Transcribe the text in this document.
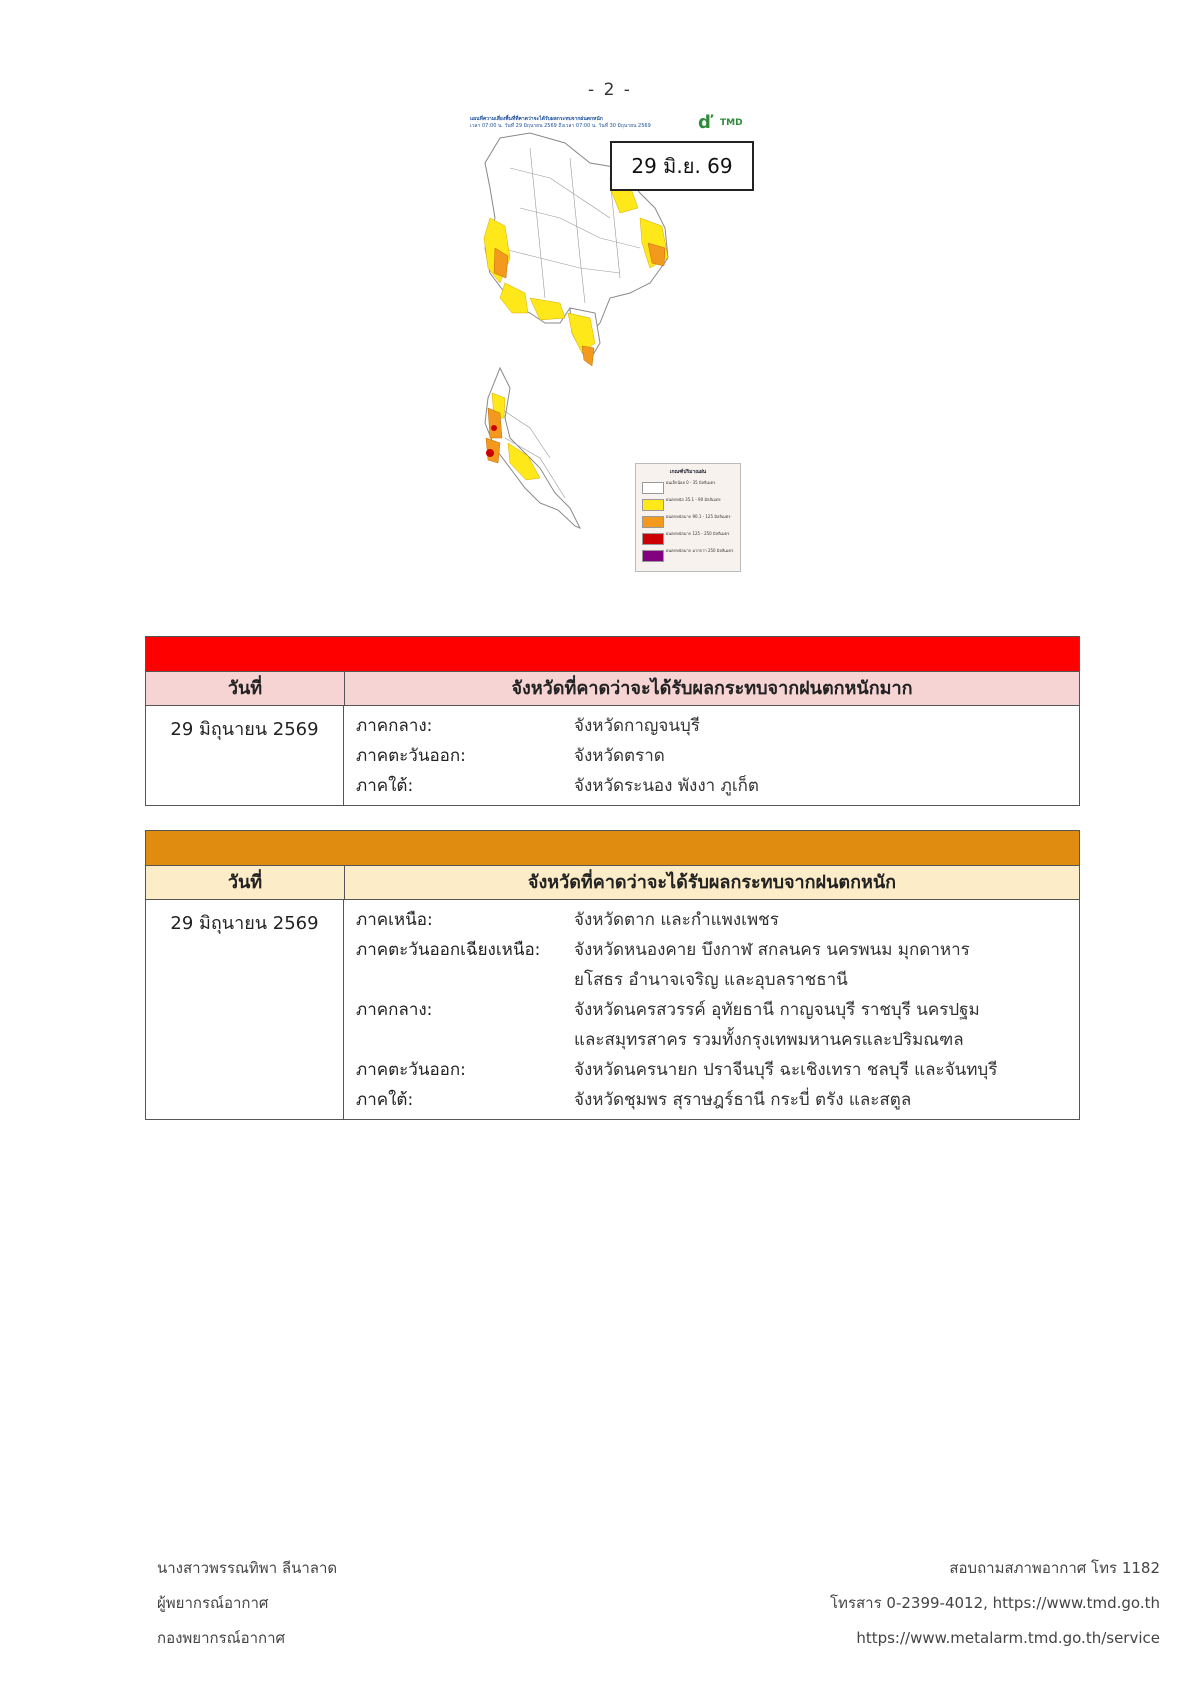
- 2 -
แผนที่ความเสี่ยงพื้นที่ที่คาดว่าจะได้รับผลกระทบจากฝนตกหนัก
เวลา 07:00 น. วันที่ 29 มิถุนายน 2569 ถึงเวลา 07:00 น. วันที่ 30 มิถุนายน 2569	ď TMD
29 มิ.ย. 69
เกณฑ์ปริมาณฝน
ฝนเล็กน้อย 0 - 35 มิลลิเมตร
ฝนตกหนัก 35.1 - 90 มิลลิเมตร
ฝนตกหนักมาก 90.1 - 125 มิลลิเมตร
ฝนตกหนักมาก 125 - 250 มิลลิเมตร
ฝนตกหนักมาก มากกว่า 250 มิลลิเมตร
วันที่	จังหวัดที่คาดว่าจะได้รับผลกระทบจากฝนตกหนักมาก
29 มิถุนายน 2569	ภาคกลาง:	จังหวัดกาญจนบุรี
ภาคตะวันออก:	จังหวัดตราด
ภาคใต้:	จังหวัดระนอง พังงา ภูเก็ต
วันที่	จังหวัดที่คาดว่าจะได้รับผลกระทบจากฝนตกหนัก
29 มิถุนายน 2569	ภาคเหนือ:	จังหวัดตาก และกำแพงเพชร
ภาคตะวันออกเฉียงเหนือ:	จังหวัดหนองคาย บึงกาฬ สกลนคร นครพนม มุกดาหาร
ยโสธร อำนาจเจริญ และอุบลราชธานี
ภาคกลาง:	จังหวัดนครสวรรค์ อุทัยธานี กาญจนบุรี ราชบุรี นครปฐม
และสมุทรสาคร รวมทั้งกรุงเทพมหานครและปริมณฑล
ภาคตะวันออก:	จังหวัดนครนายก ปราจีนบุรี ฉะเชิงเทรา ชลบุรี และจันทบุรี
ภาคใต้:	จังหวัดชุมพร สุราษฎร์ธานี กระบี่ ตรัง และสตูล
นางสาวพรรณทิพา ลีนาลาด
ผู้พยากรณ์อากาศ
กองพยากรณ์อากาศ
สอบถามสภาพอากาศ โทร 1182
โทรสาร 0-2399-4012, https://www.tmd.go.th
https://www.metalarm.tmd.go.th/service
